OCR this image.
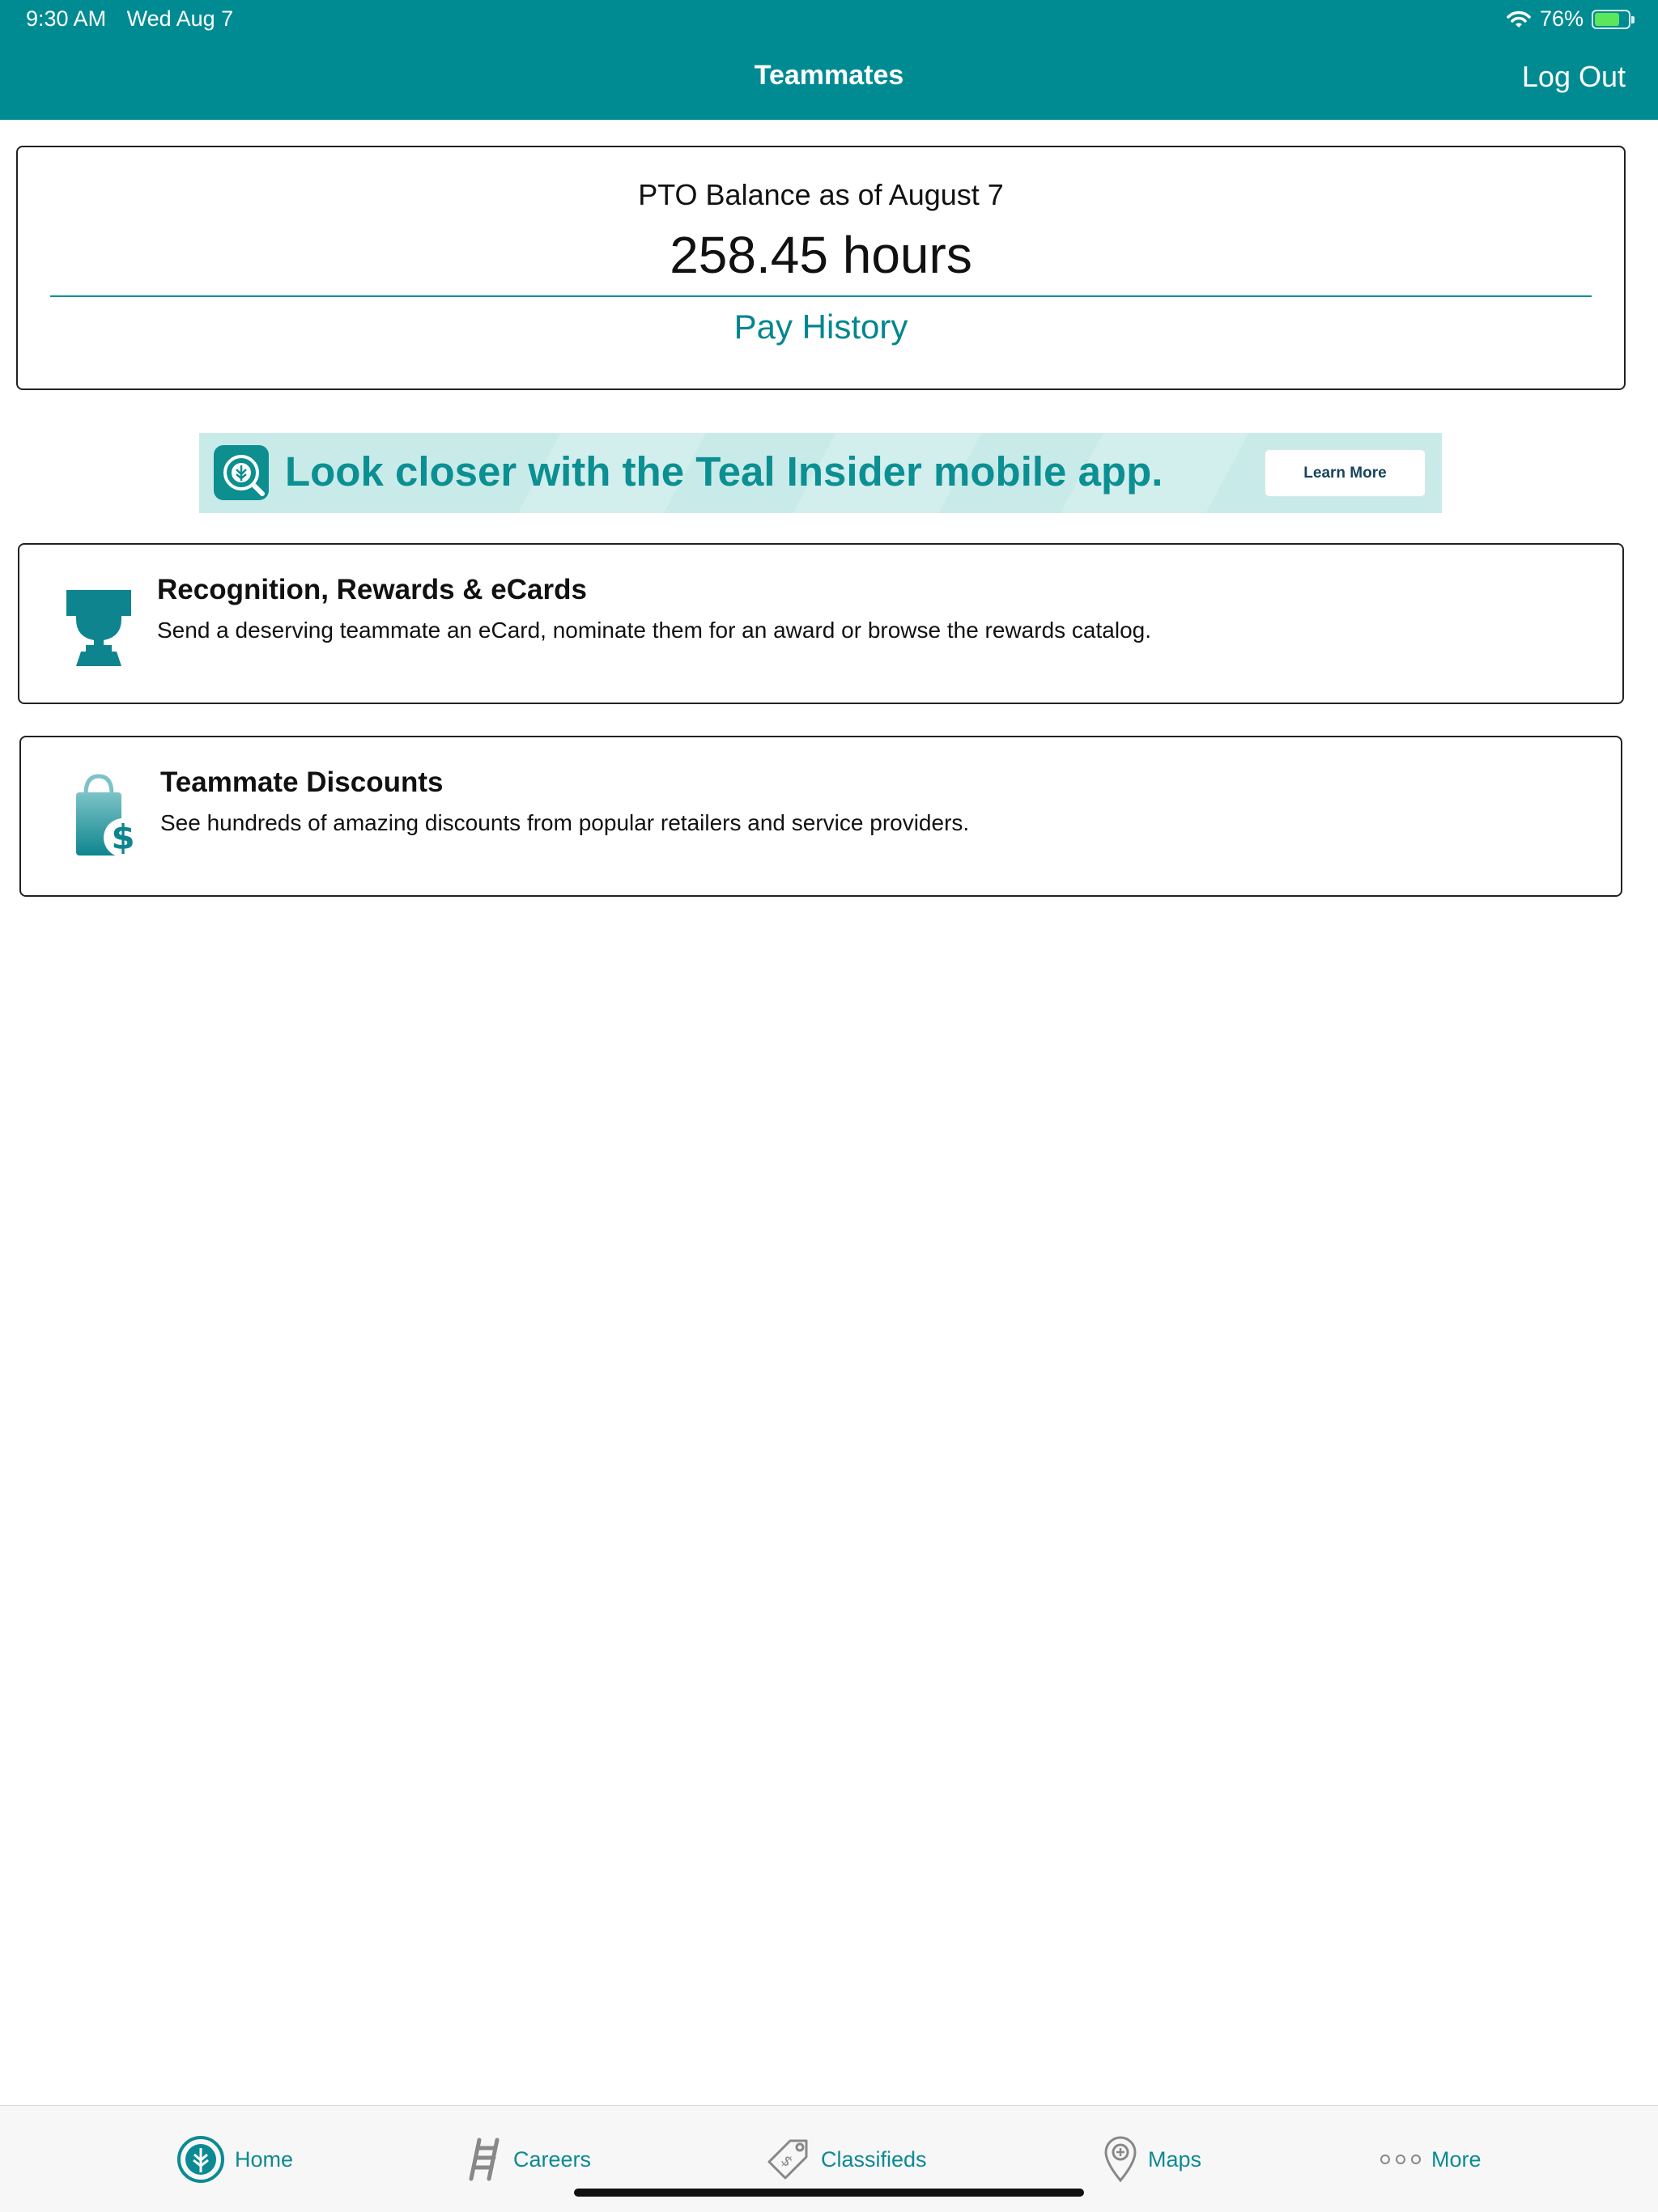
9:30 AM Wed Aug 7	76%
Teammates	Log Out
PTO Balance as of August 7
258.45 hours
Pay History
Look closer with the Teal Insider mobile app.	Learn More
Recognition, Rewards & eCards
Send a deserving teammate an eCard, nominate them for an award or browse the rewards catalog.
$
Teammate Discounts
See hundreds of amazing discounts from popular retailers and service providers.
Home	Careers	$ Classifieds	Maps	More
